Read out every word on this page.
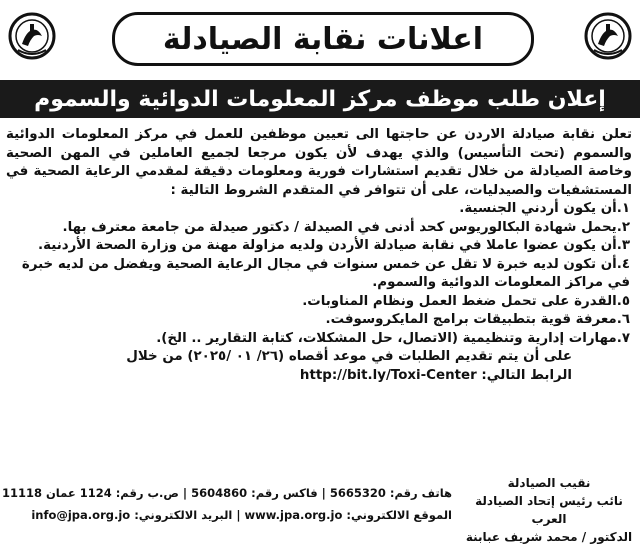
اعلانات نقابة الصيادلة
إعلان طلب موظف مركز المعلومات الدوائية والسموم

تعلن نقابة صيادلة الاردن عن حاجتها الى تعيين موظفين للعمل في مركز المعلومات الدوائية والسموم (تحت التأسيس) والذي يهدف لأن يكون مرجعا لجميع العاملين في المهن الصحية وخاصة الصيادلة من خلال تقديم استشارات فورية ومعلومات دقيقة لمقدمي الرعاية الصحية في المستشفيات والصيدليات، على أن تتوافر في المتقدم الشروط التالية :

١.أن يكون أردني الجنسية.
٢.يحمل شهادة البكالوريوس كحد أدنى في الصيدلة / دكتور صيدلة من جامعة معترف بها.
٣.أن يكون عضوا عاملا في نقابة صيادلة الأردن ولديه مزاولة مهنة من وزارة الصحة الأردنية.
٤.أن تكون لديه خبرة لا تقل عن خمس سنوات في مجال الرعاية الصحية ويفضل من لديه خبرة في مراكز المعلومات الدوائية والسموم.
٥.القدرة على تحمل ضغط العمل ونظام المناوبات.
٦.معرفة قوية بتطبيقات برامج المايكروسوفت.
٧.مهارات إدارية وتنظيمية (الاتصال، حل المشكلات، كتابة التقارير .. الخ).

على أن يتم تقديم الطلبات في موعد أقصاه (٢٦/ ٠١ /٢٠٢٥) من خلال

الرابط التالي: http://bit.ly/Toxi-Center

هاتف رقم: 5665320 | فاكس رقم: 5604860 | ص.ب رقم: 1124 عمان 11118
الموقع الالكتروني: www.jpa.org.jo | البريد الالكتروني: info@jpa.org.jo
نقيب الصيادلة
نائب رئيس إتحاد الصيادلة العرب
الدكتور / محمد شريف عبابنة
